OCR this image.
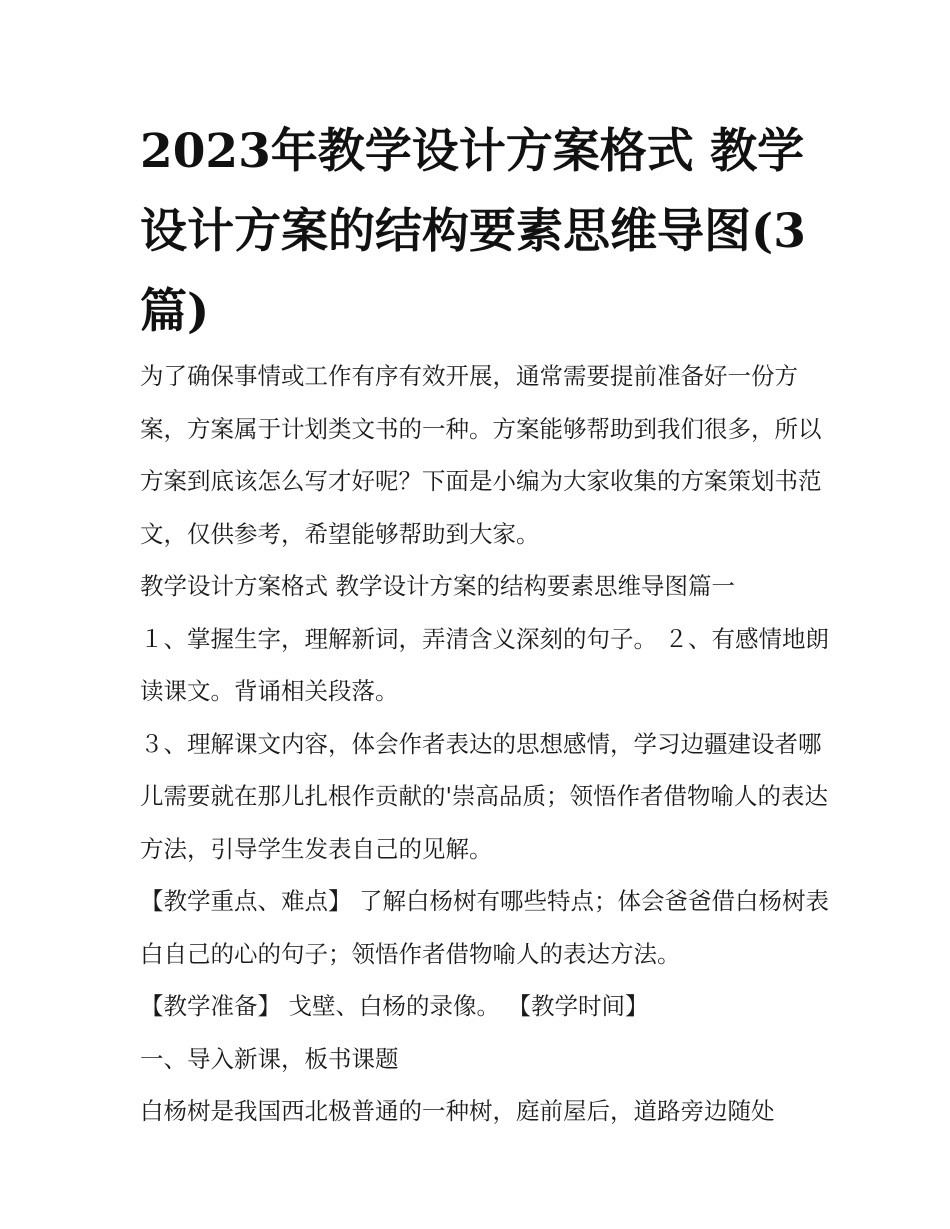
2023年教学设计方案格式 教学设计方案的结构要素思维导图(3篇)

为了确保事情或工作有序有效开展，通常需要提前准备好一份方案，方案属于计划类文书的一种。方案能够帮助到我们很多，所以方案到底该怎么写才好呢？下面是小编为大家收集的方案策划书范文，仅供参考，希望能够帮助到大家。

教学设计方案格式 教学设计方案的结构要素思维导图篇一

１、掌握生字，理解新词，弄清含义深刻的句子。 ２、有感情地朗读课文。背诵相关段落。

３、理解课文内容，体会作者表达的思想感情，学习边疆建设者哪儿需要就在那儿扎根作贡献的'崇高品质；领悟作者借物喻人的表达方法，引导学生发表自己的见解。

【教学重点、难点】 了解白杨树有哪些特点；体会爸爸借白杨树表白自己的心的句子；领悟作者借物喻人的表达方法。

【教学准备】 戈壁、白杨的录像。 【教学时间】

一、导入新课，板书课题

白杨树是我国西北极普通的一种树，庭前屋后，道路旁边随处
